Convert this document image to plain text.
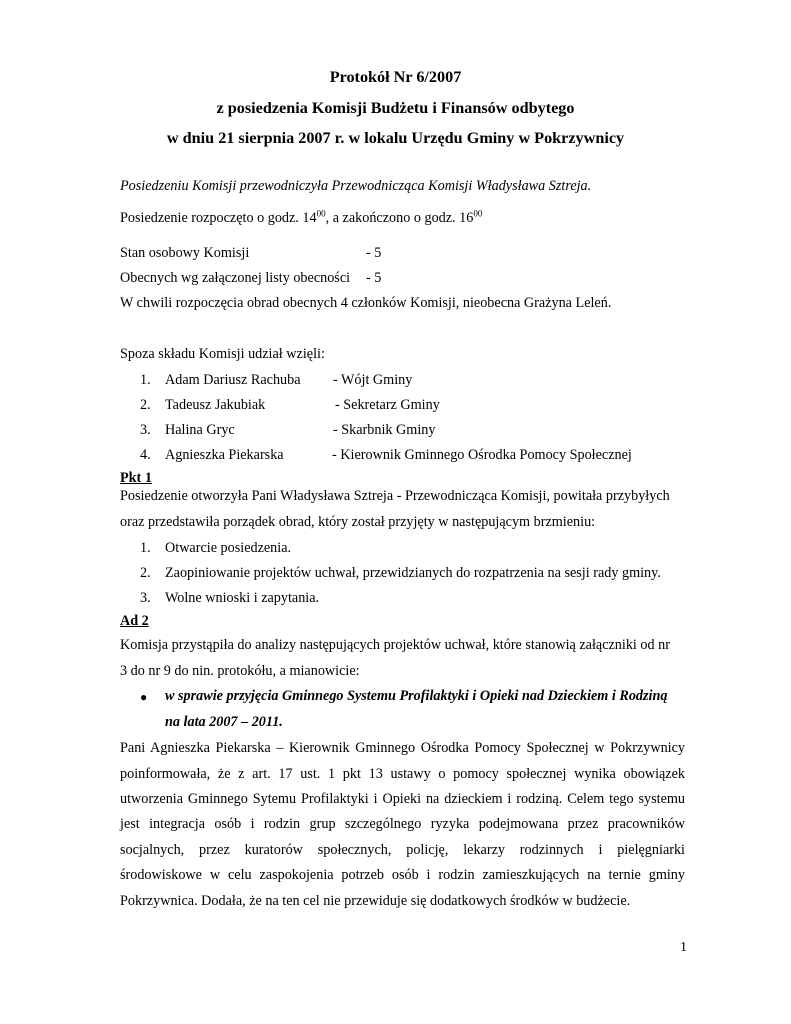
Protokół Nr 6/2007
z posiedzenia Komisji Budżetu i Finansów odbytego
w dniu 21 sierpnia 2007 r. w lokalu Urzędu Gminy w Pokrzywnicy
Posiedzeniu Komisji przewodniczyła Przewodnicząca Komisji Władysława Sztreja.
Posiedzenie rozpoczęto o godz. $14^{00}$, a zakończono o godz. $16^{00}$
Stan osobowy Komisji	- 5
Obecnych wg załączonej listy obecności - 5
W chwili rozpoczęcia obrad obecnych 4 członków Komisji, nieobecna Grażyna Leleń.
Spoza składu Komisji udział wzięli:
1.	Adam Dariusz Rachuba - Wójt Gminy
2.	Tadeusz Jakubiak	- Sekretarz Gminy
3.	Halina Gryc	- Skarbnik Gminy
4.	Agnieszka Piekarska	- Kierownik Gminnego Ośrodka Pomocy Społecznej
Pkt 1
Posiedzenie otworzyła Pani Władysława Sztreja - Przewodnicząca Komisji, powitała przybyłych
oraz przedstawiła porządek obrad, który został przyjęty w następującym brzmieniu:
1.	Otwarcie posiedzenia.
2.	Zaopiniowanie projektów uchwał, przewidzianych do rozpatrzenia na sesji rady gminy.
3.	Wolne wnioski i zapytania.
Ad 2
Komisja przystąpiła do analizy następujących projektów uchwał, które stanowią załączniki od nr
3 do nr 9 do nin. protokółu, a mianowicie:
● w sprawie przyjęcia Gminnego Systemu Profilaktyki i Opieki nad Dzieckiem i Rodziną
na lata 2007 – 2011.
Pani Agnieszka Piekarska – Kierownik Gminnego Ośrodka Pomocy Społecznej w Pokrzywnicy
poinformowała, że z art. 17 ust. 1 pkt 13 ustawy o pomocy społecznej wynika obowiązek
utworzenia Gminnego Sytemu Profilaktyki i Opieki na dzieckiem i rodziną. Celem tego systemu
jest integracja osób i rodzin grup szczególnego ryzyka podejmowana przez pracowników
socjalnych, przez kuratorów społecznych, policję, lekarzy rodzinnych i pielęgniarki
środowiskowe w celu zaspokojenia potrzeb osób i rodzin zamieszkujących na ternie gminy
Pokrzywnica. Dodała, że na ten cel nie przewiduje się dodatkowych środków w budżecie.
1
